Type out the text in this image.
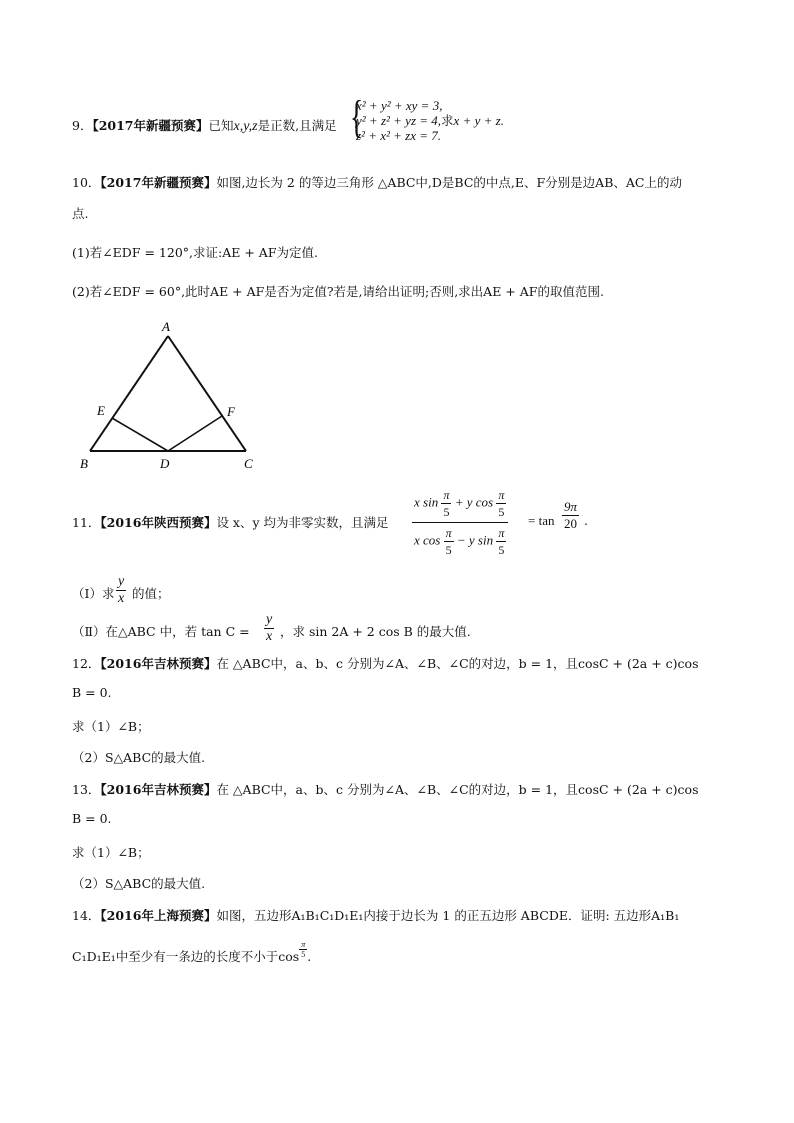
9．【2017年新疆预赛】已知x,y,z是正数,且满足 {
x² + y² + xy = 3,
y² + z² + yz = 4,求x + y + z.
z² + x² + zx = 7.
10．【2017年新疆预赛】如图,边长为 2 的等边三角形 △ABC中,D是BC的中点,E、F分别是边AB、AC上的动
点.
(1)若∠EDF = 120°,求证:AE + AF为定值.
(2)若∠EDF = 60°,此时AE + AF是否为定值?若是,请给出证明;否则,求出AE + AF的取值范围.
A
B	C
D
E	F
11．【2016年陕西预赛】设 x、y 均为非零实数，且满足 $\frac{x \sin \frac{\pi}{5} + y \cos \frac{\pi}{5}}{x \cos \frac{\pi}{5} - y \sin \frac{\pi}{5}} = \tan \frac{9\pi}{20}$ .
（Ⅰ）求 $\frac{y}{x}$ 的值；
（Ⅱ）在△ABC 中，若 $\tan C = \frac{y}{x}$ ，求 sin 2A + 2 cos B 的最大值.
12．【2016年吉林预赛】在 △ABC中，a、b、c 分别为∠A、∠B、∠C的对边，b = 1，且cosC + (2a + c)cos
B = 0.
求（1）∠B；
（2）S△ABC的最大值.
13．【2016年吉林预赛】在 △ABC中，a、b、c 分别为∠A、∠B、∠C的对边，b = 1，且cosC + (2a + c)cos
B = 0.
求（1）∠B；
（2）S△ABC的最大值.
14．【2016年上海预赛】如图，五边形A₁B₁C₁D₁E₁内接于边长为 1 的正五边形 ABCDE．证明: 五边形A₁B₁
C₁D₁E₁中至少有一条边的长度不小于$\cos \frac{\pi}{5}$ .
